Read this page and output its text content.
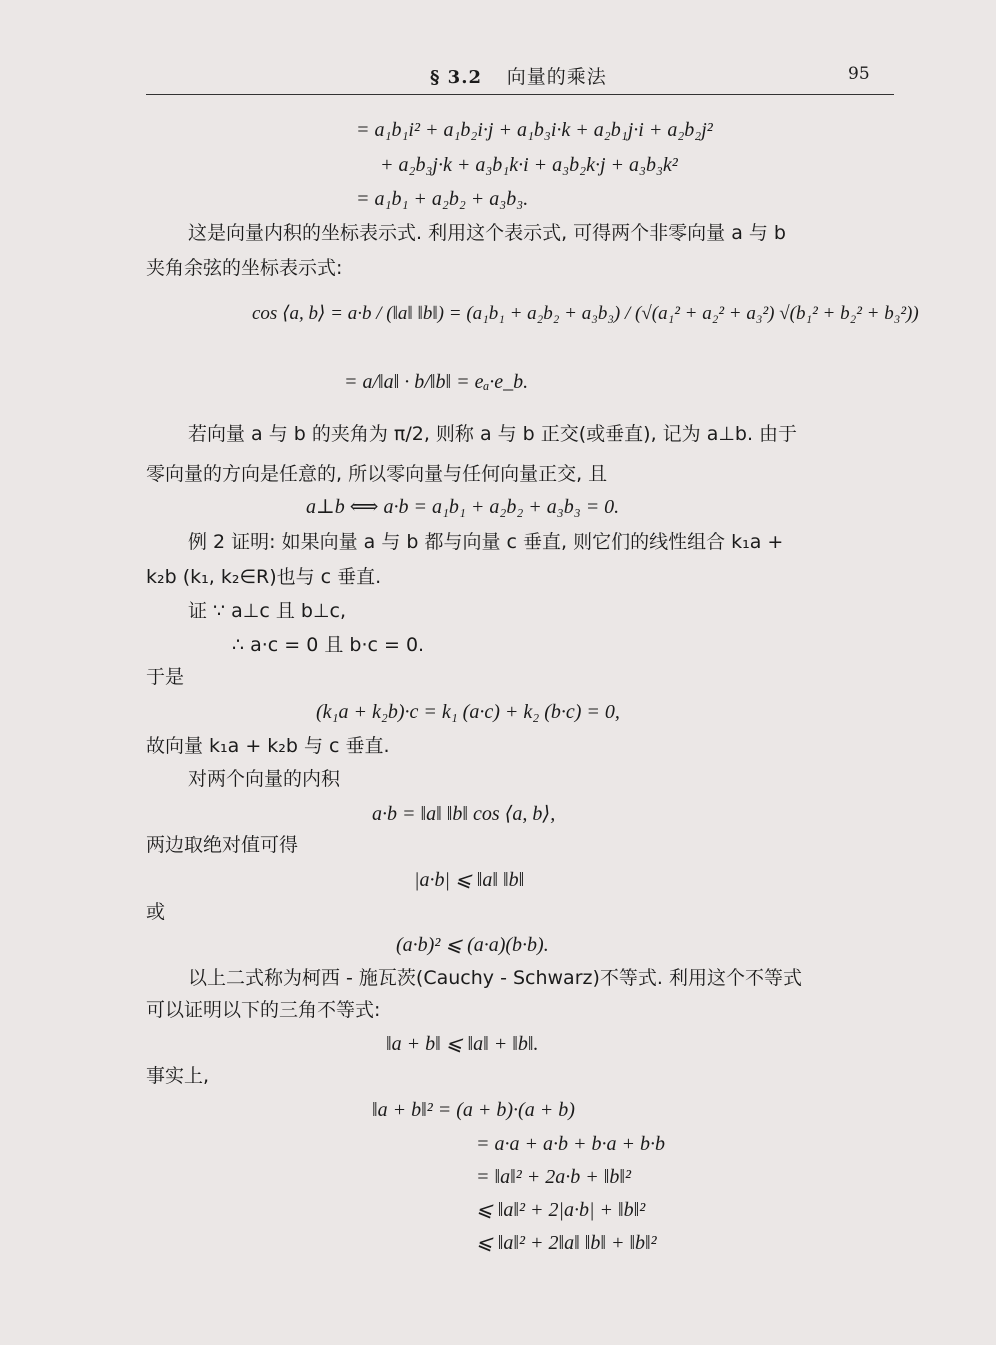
§ 3.2 向量的乘法	95
= a₁b₁i² + a₁b₂i·j + a₁b₃i·k + a₂b₁j·i + a₂b₂j²
+ a₂b₃j·k + a₃b₁k·i + a₃b₂k·j + a₃b₃k²
= a₁b₁ + a₂b₂ + a₃b₃.
这是向量内积的坐标表示式. 利用这个表示式, 可得两个非零向量 a 与 b
夹角余弦的坐标表示式:
cos ⟨a, b⟩ = a·b / (‖a‖ ‖b‖) = (a₁b₁ + a₂b₂ + a₃b₃) / (√(a₁² + a₂² + a₃²) √(b₁² + b₂² + b₃²))
= a/‖a‖ · b/‖b‖ = eₐ·e_b.
若向量 a 与 b 的夹角为 π/2, 则称 a 与 b 正交(或垂直), 记为 a⊥b. 由于
零向量的方向是任意的, 所以零向量与任何向量正交, 且
a⊥b ⟺ a·b = a₁b₁ + a₂b₂ + a₃b₃ = 0.
例 2 证明: 如果向量 a 与 b 都与向量 c 垂直, 则它们的线性组合 k₁a +
k₂b (k₁, k₂∈R)也与 c 垂直.
证 ∵ a⊥c 且 b⊥c,
∴ a·c = 0 且 b·c = 0.
于是
(k₁a + k₂b)·c = k₁ (a·c) + k₂ (b·c) = 0,
故向量 k₁a + k₂b 与 c 垂直.
对两个向量的内积
a·b = ‖a‖ ‖b‖ cos ⟨a, b⟩,
两边取绝对值可得
|a·b| ⩽ ‖a‖ ‖b‖
或
(a·b)² ⩽ (a·a)(b·b).
以上二式称为柯西 - 施瓦茨(Cauchy - Schwarz)不等式. 利用这个不等式
可以证明以下的三角不等式:
‖a + b‖ ⩽ ‖a‖ + ‖b‖.
事实上,
‖a + b‖² = (a + b)·(a + b)
= a·a + a·b + b·a + b·b
= ‖a‖² + 2a·b + ‖b‖²
⩽ ‖a‖² + 2|a·b| + ‖b‖²
⩽ ‖a‖² + 2‖a‖ ‖b‖ + ‖b‖²
